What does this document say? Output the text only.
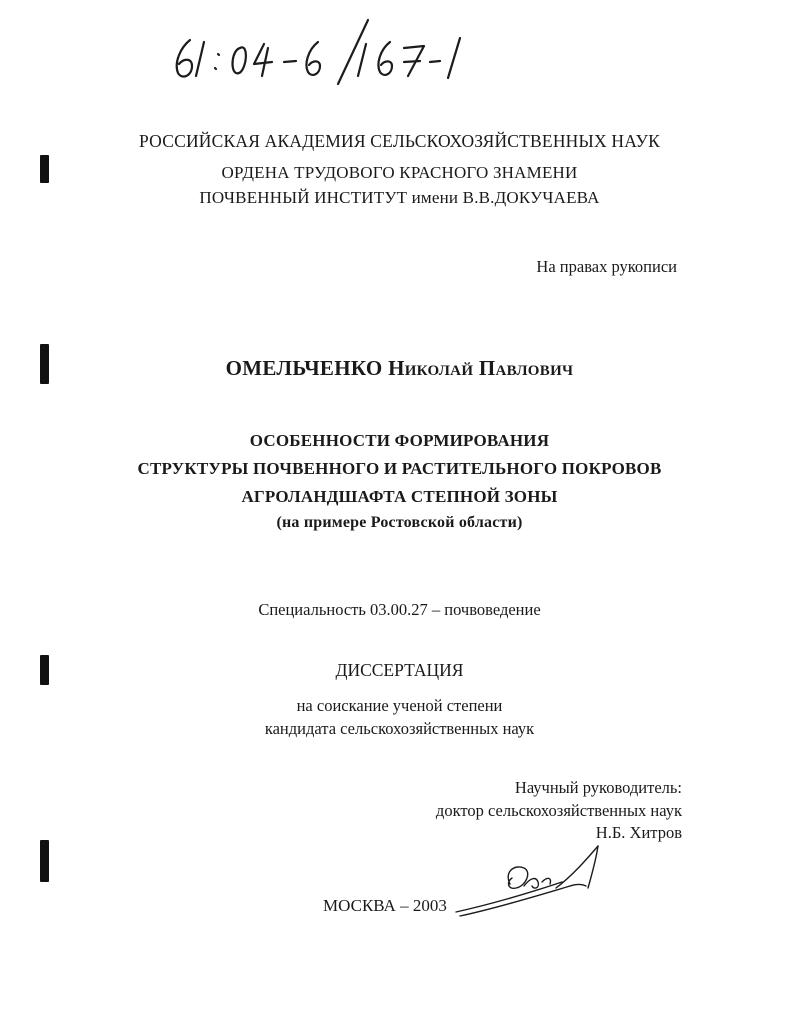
РОССИЙСКАЯ АКАДЕМИЯ СЕЛЬСКОХОЗЯЙСТВЕННЫХ НАУК
ОРДЕНА ТРУДОВОГО КРАСНОГО ЗНАМЕНИ
ПОЧВЕННЫЙ ИНСТИТУТ имени В.В.ДОКУЧАЕВА
На правах рукописи
ОМЕЛЬЧЕНКО Николай Павлович
ОСОБЕННОСТИ ФОРМИРОВАНИЯ
СТРУКТУРЫ ПОЧВЕННОГО И РАСТИТЕЛЬНОГО ПОКРОВОВ
АГРОЛАНДШАФТА СТЕПНОЙ ЗОНЫ
(на примере Ростовской области)
Специальность 03.00.27 – почвоведение
ДИССЕРТАЦИЯ
на соискание ученой степени
кандидата сельскохозяйственных наук
Научный руководитель:
доктор сельскохозяйственных наук
Н.Б. Хитров
МОСКВА – 2003
